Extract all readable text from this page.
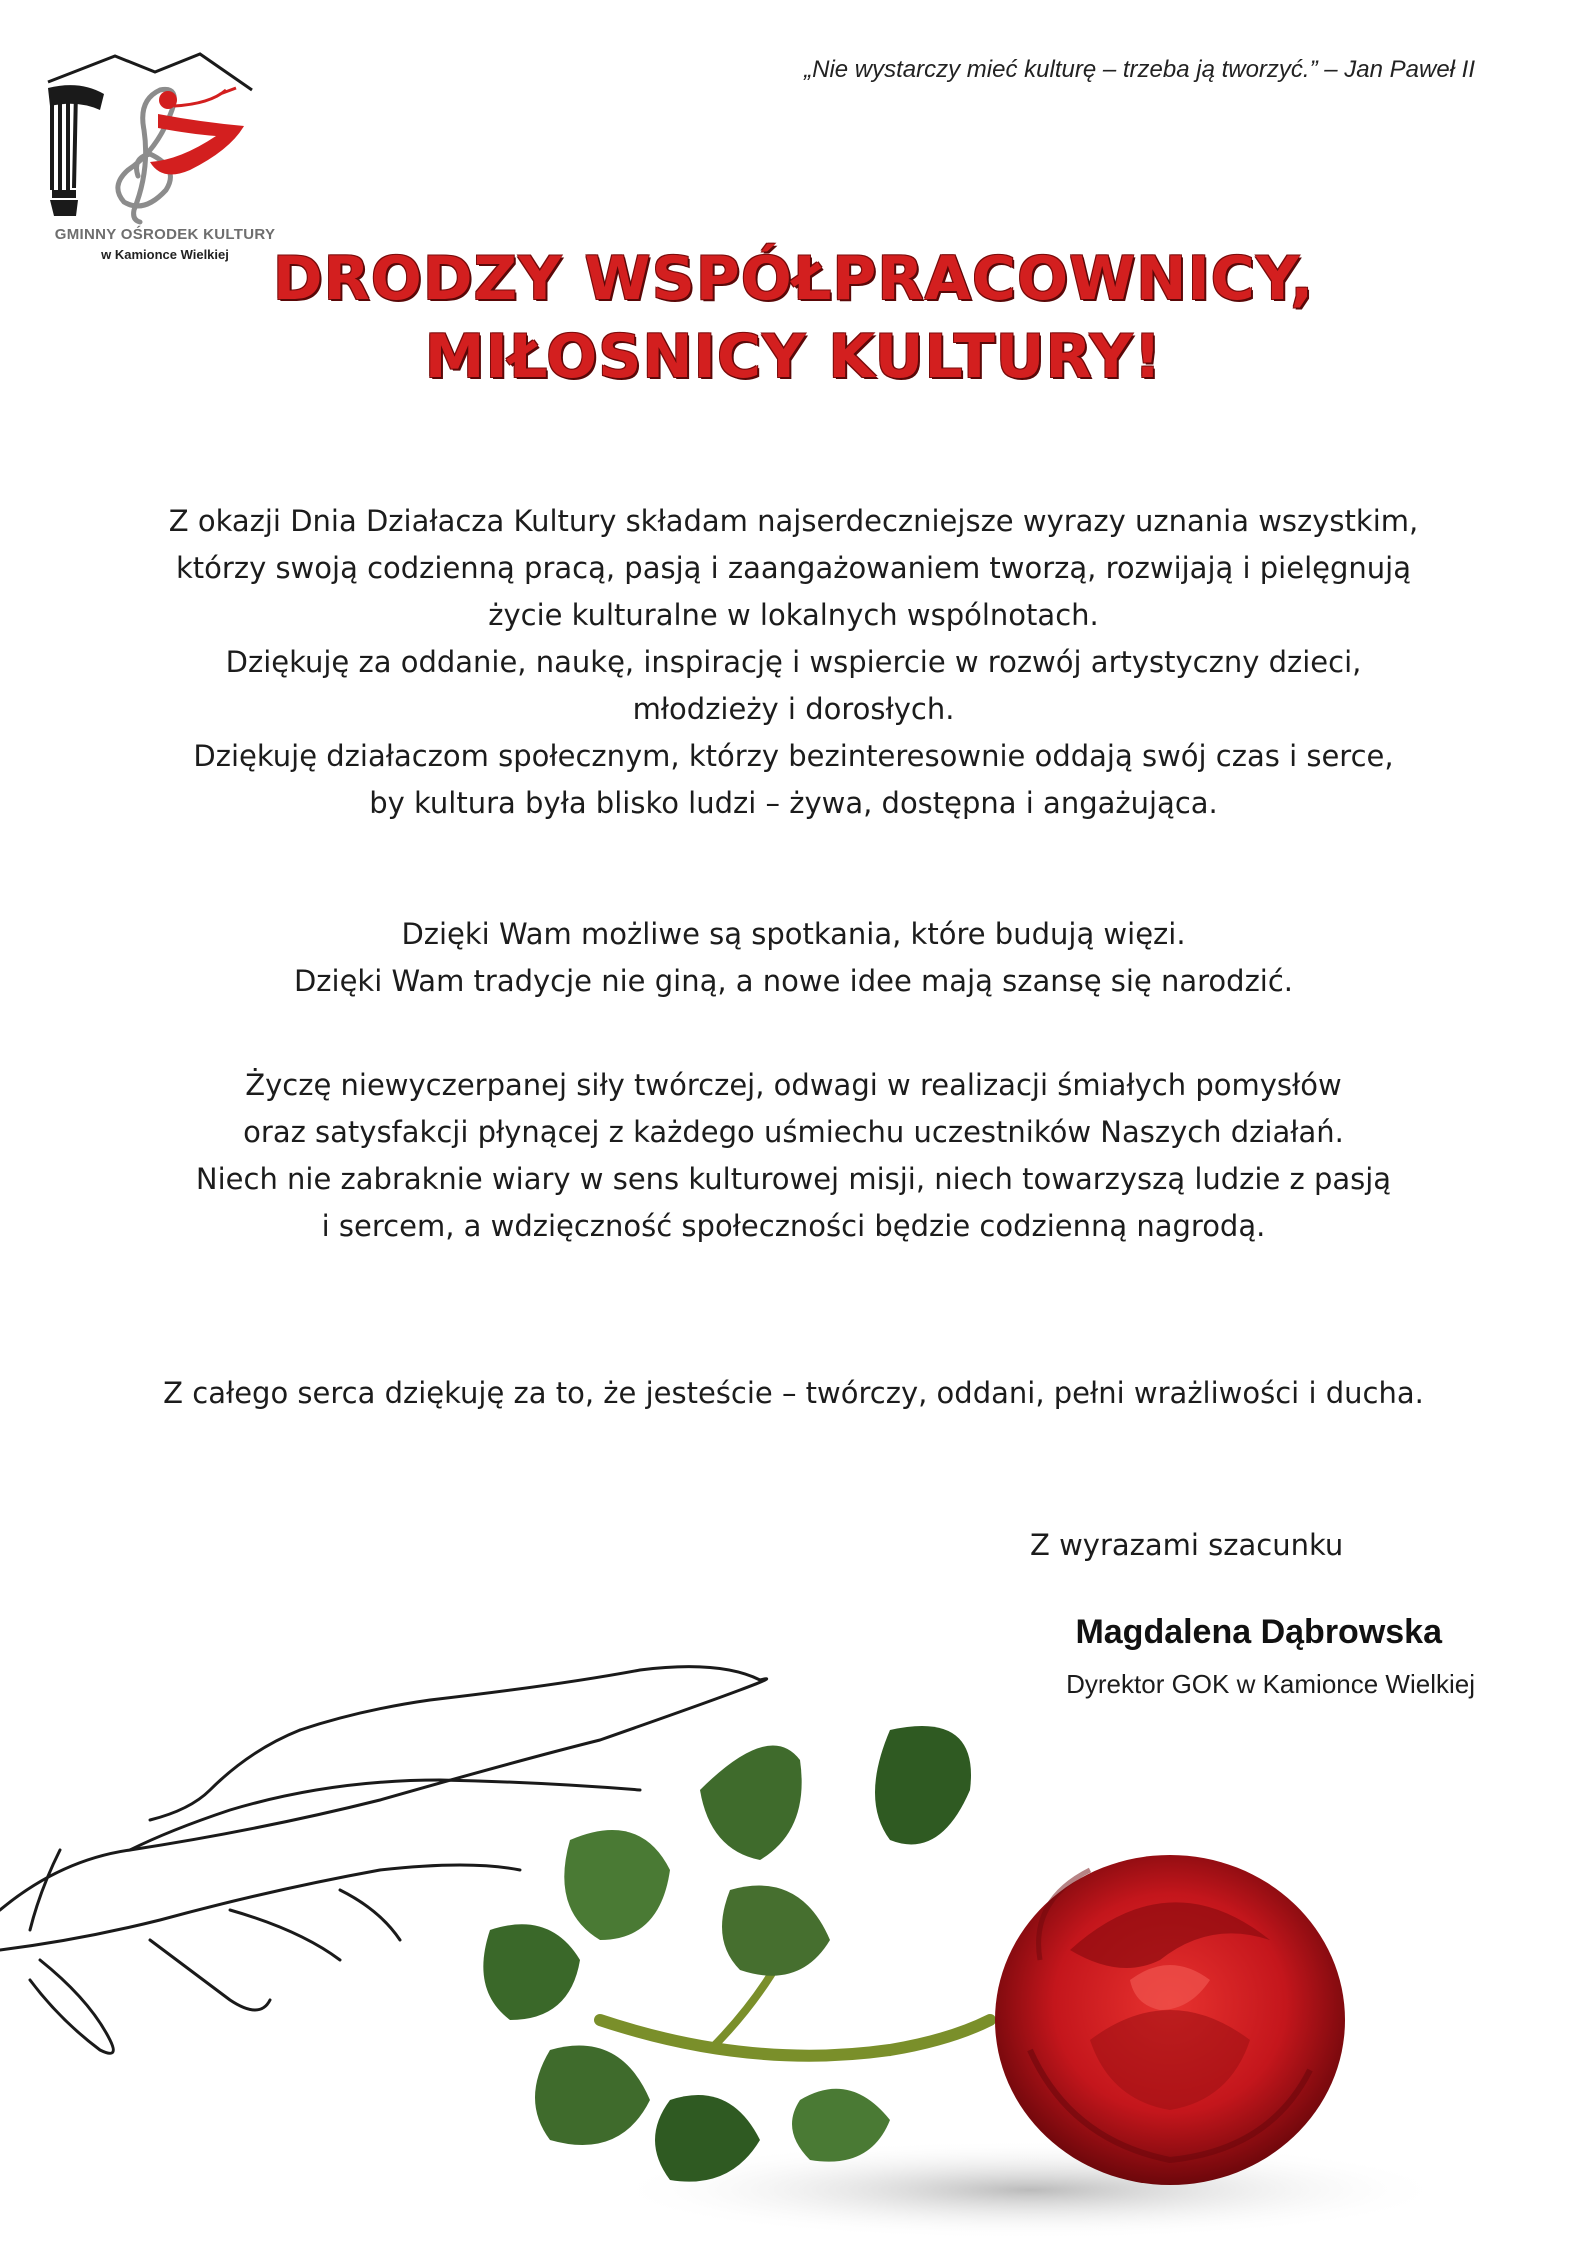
GMINNY OŚRODEK KULTURY
w Kamionce Wielkiej
„Nie wystarczy mieć kulturę – trzeba ją tworzyć.” – Jan Paweł II
DRODZY WSPÓŁPRACOWNICY,
MIŁOSNICY KULTURY!
Z okazji Dnia Działacza Kultury składam najserdeczniejsze wyrazy uznania wszystkim,
którzy swoją codzienną pracą, pasją i zaangażowaniem tworzą, rozwijają i pielęgnują
życie kulturalne w lokalnych wspólnotach.
Dziękuję za oddanie, naukę, inspirację i wspiercie w rozwój artystyczny dzieci,
młodzieży i dorosłych.
Dziękuję działaczom społecznym, którzy bezinteresownie oddają swój czas i serce,
by kultura była blisko ludzi – żywa, dostępna i angażująca.
Dzięki Wam możliwe są spotkania, które budują więzi.
Dzięki Wam tradycje nie giną, a nowe idee mają szansę się narodzić.
Życzę niewyczerpanej siły twórczej, odwagi w realizacji śmiałych pomysłów
oraz satysfakcji płynącej z każdego uśmiechu uczestników Naszych działań.
Niech nie zabraknie wiary w sens kulturowej misji, niech towarzyszą ludzie z pasją
i sercem, a wdzięczność społeczności będzie codzienną nagrodą.
Z całego serca dziękuję za to, że jesteście – twórczy, oddani, pełni wrażliwości i ducha.
Z wyrazami szacunku
Magdalena Dąbrowska
Dyrektor GOK w Kamionce Wielkiej
